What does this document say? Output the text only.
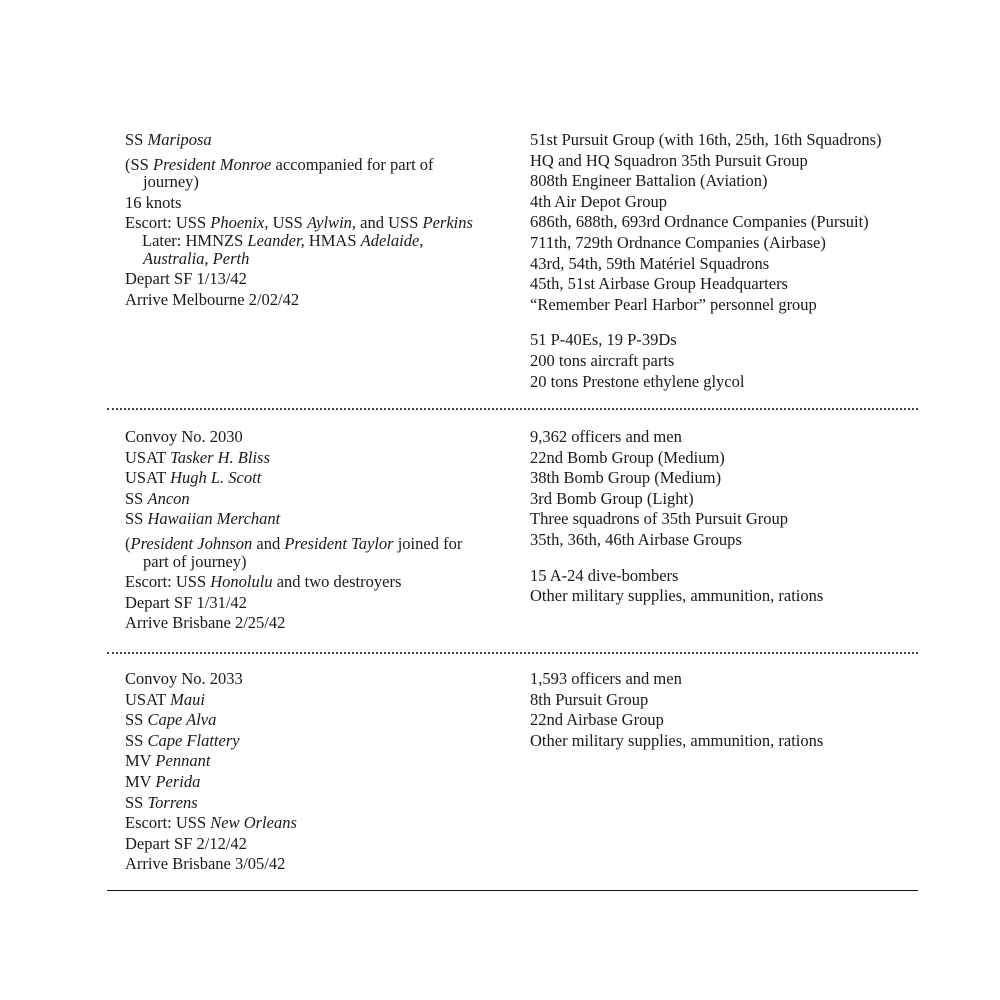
SS Mariposa
(SS President Monroe accompanied for part of
journey)
16 knots
Escort: USS Phoenix, USS Aylwin, and USS Perkins
Later: HMNZS Leander, HMAS Adelaide,
Australia, Perth
Depart SF 1/13/42
Arrive Melbourne 2/02/42
51st Pursuit Group (with 16th, 25th, 16th Squadrons)
HQ and HQ Squadron 35th Pursuit Group
808th Engineer Battalion (Aviation)
4th Air Depot Group
686th, 688th, 693rd Ordnance Companies (Pursuit)
711th, 729th Ordnance Companies (Airbase)
43rd, 54th, 59th Matériel Squadrons
45th, 51st Airbase Group Headquarters
“Remember Pearl Harbor” personnel group
51 P-40Es, 19 P-39Ds
200 tons aircraft parts
20 tons Prestone ethylene glycol
Convoy No. 2030
USAT Tasker H. Bliss
USAT Hugh L. Scott
SS Ancon
SS Hawaiian Merchant
(President Johnson and President Taylor joined for
part of journey)
Escort: USS Honolulu and two destroyers
Depart SF 1/31/42
Arrive Brisbane 2/25/42
9,362 officers and men
22nd Bomb Group (Medium)
38th Bomb Group (Medium)
3rd Bomb Group (Light)
Three squadrons of 35th Pursuit Group
35th, 36th, 46th Airbase Groups
15 A-24 dive-bombers
Other military supplies, ammunition, rations
Convoy No. 2033
USAT Maui
SS Cape Alva
SS Cape Flattery
MV Pennant
MV Perida
SS Torrens
Escort: USS New Orleans
Depart SF 2/12/42
Arrive Brisbane 3/05/42
1,593 officers and men
8th Pursuit Group
22nd Airbase Group
Other military supplies, ammunition, rations
